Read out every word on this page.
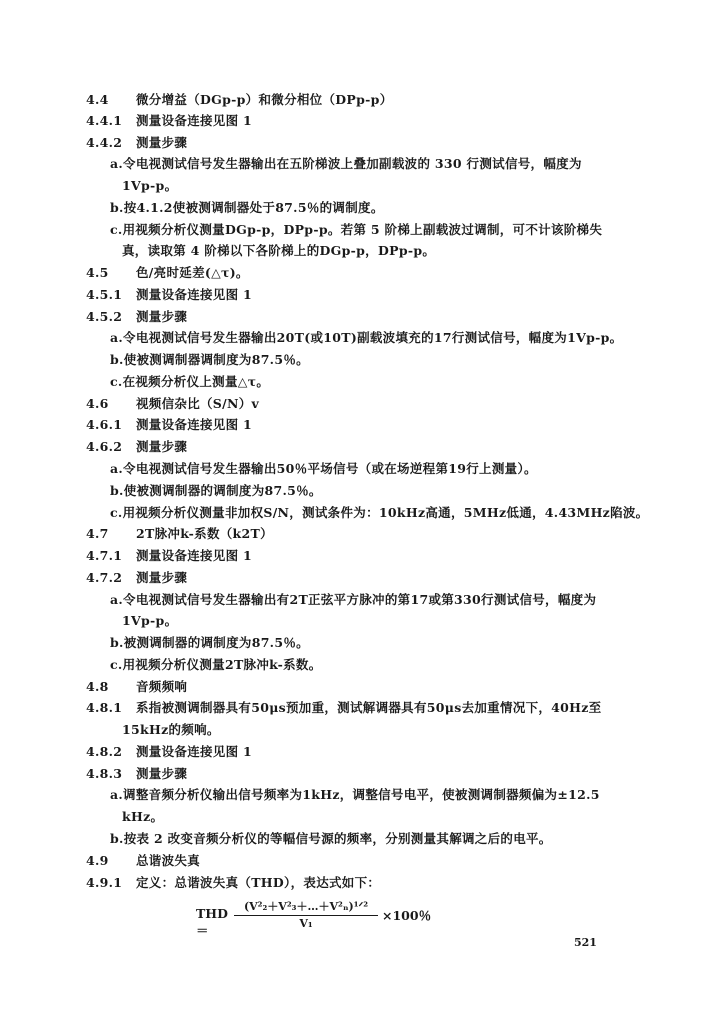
4.4 微分增益（DGp-p）和微分相位（DPp-p）
4.4.1 测量设备连接见图 1
4.4.2 测量步骤
a.令电视测试信号发生器输出在五阶梯波上叠加副载波的 330 行测试信号，幅度为
1Vp-p。
b.按4.1.2使被测调制器处于87.5％的调制度。
c.用视频分析仪测量DGp-p，DPp-p。若第 5 阶梯上副载波过调制，可不计该阶梯失
真，读取第 4 阶梯以下各阶梯上的DGp-p，DPp-p。
4.5 色/亮时延差(△τ)。
4.5.1 测量设备连接见图 1
4.5.2 测量步骤
a.令电视测试信号发生器输出20T(或10T)副载波填充的17行测试信号，幅度为1Vp-p。
b.使被测调制器调制度为87.5％。
c.在视频分析仪上测量△τ。
4.6 视频信杂比（S/N）v
4.6.1 测量设备连接见图 1
4.6.2 测量步骤
a.令电视测试信号发生器输出50％平场信号（或在场逆程第19行上测量）。
b.使被测调制器的调制度为87.5％。
c.用视频分析仪测量非加权S/N，测试条件为：10kHz高通，5MHz低通，4.43MHz陷波。
4.7 2T脉冲k-系数（k2T）
4.7.1 测量设备连接见图 1
4.7.2 测量步骤
a.令电视测试信号发生器输出有2T正弦平方脉冲的第17或第330行测试信号，幅度为
1Vp-p。
b.被测调制器的调制度为87.5％。
c.用视频分析仪测量2T脉冲k-系数。
4.8 音频频响
4.8.1 系指被测调制器具有50μs预加重，测试解调器具有50μs去加重情况下，40Hz至
15kHz的频响。
4.8.2 测量设备连接见图 1
4.8.3 测量步骤
a.调整音频分析仪输出信号频率为1kHz，调整信号电平，使被测调制器频偏为±12.5
kHz。
b.按表 2 改变音频分析仪的等幅信号源的频率，分别测量其解调之后的电平。
4.9 总谐波失真
4.9.1 定义：总谐波失真（THD），表达式如下：
THD＝
(V²₂＋V²₃＋…＋V²ₙ)¹ᐟ²
V₁
×100％
521
